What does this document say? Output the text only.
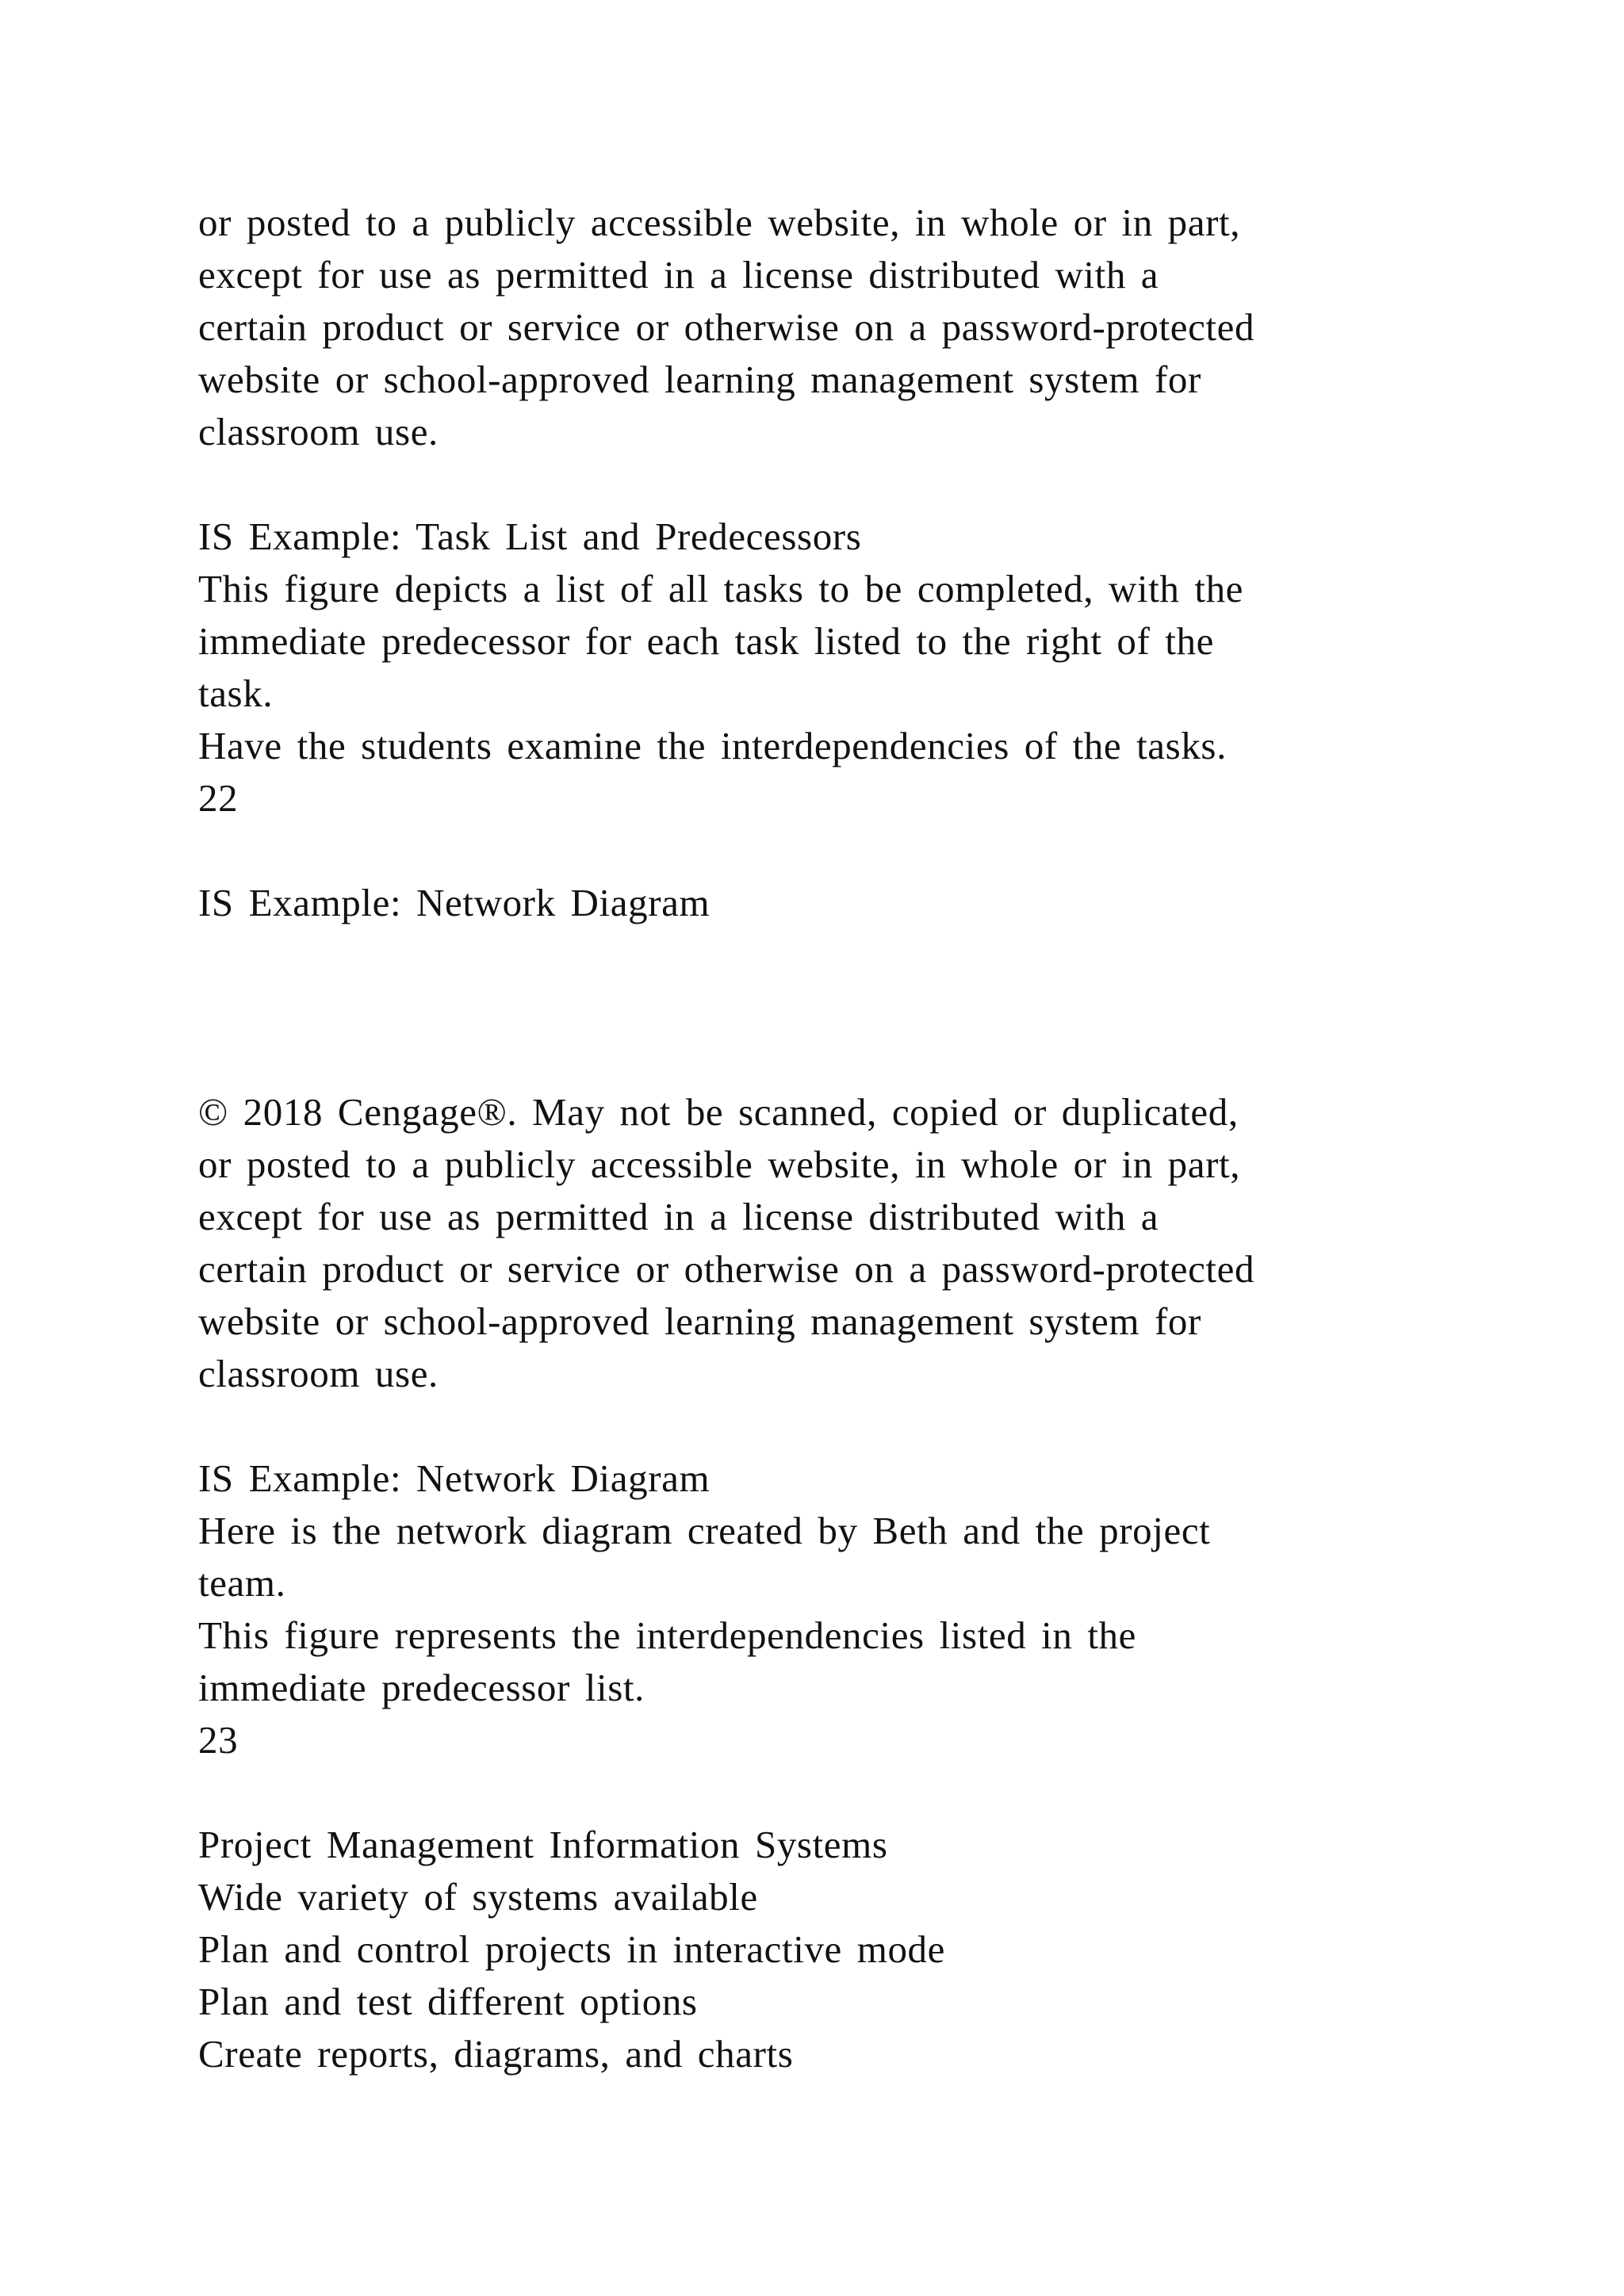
or posted to a publicly accessible website, in whole or in part,
except for use as permitted in a license distributed with a
certain product or service or otherwise on a password-protected
website or school-approved learning management system for
classroom use.
IS Example: Task List and Predecessors
This figure depicts a list of all tasks to be completed, with the
immediate predecessor for each task listed to the right of the
task.
Have the students examine the interdependencies of the tasks.
22
IS Example: Network Diagram
© 2018 Cengage®. May not be scanned, copied or duplicated,
or posted to a publicly accessible website, in whole or in part,
except for use as permitted in a license distributed with a
certain product or service or otherwise on a password-protected
website or school-approved learning management system for
classroom use.
IS Example: Network Diagram
Here is the network diagram created by Beth and the project
team.
This figure represents the interdependencies listed in the
immediate predecessor list.
23
Project Management Information Systems
Wide variety of systems available
Plan and control projects in interactive mode
Plan and test different options
Create reports, diagrams, and charts
